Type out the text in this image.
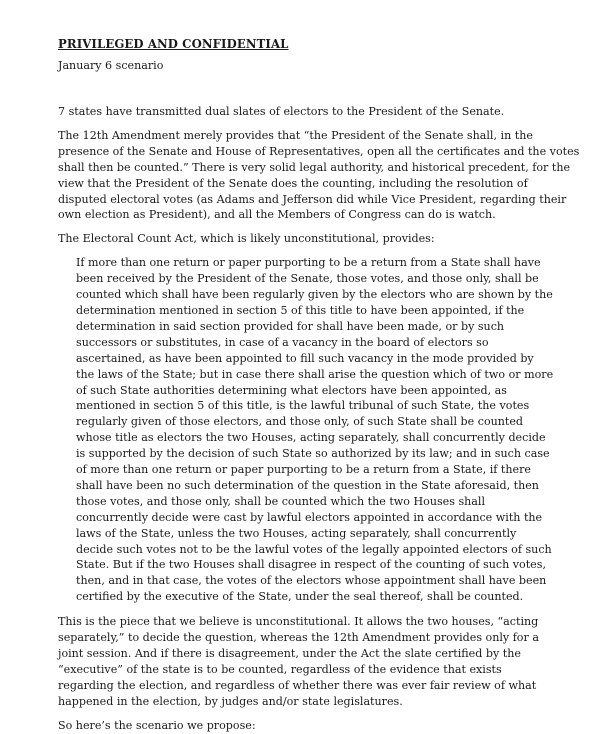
PRIVILEGED AND CONFIDENTIAL
January 6 scenario
7 states have transmitted dual slates of electors to the President of the Senate.
The 12th Amendment merely provides that “the President of the Senate shall, in the
presence of the Senate and House of Representatives, open all the certificates and the votes
shall then be counted.” There is very solid legal authority, and historical precedent, for the
view that the President of the Senate does the counting, including the resolution of
disputed electoral votes (as Adams and Jefferson did while Vice President, regarding their
own election as President), and all the Members of Congress can do is watch.
The Electoral Count Act, which is likely unconstitutional, provides:
If more than one return or paper purporting to be a return from a State shall have
been received by the President of the Senate, those votes, and those only, shall be
counted which shall have been regularly given by the electors who are shown by the
determination mentioned in section 5 of this title to have been appointed, if the
determination in said section provided for shall have been made, or by such
successors or substitutes, in case of a vacancy in the board of electors so
ascertained, as have been appointed to fill such vacancy in the mode provided by
the laws of the State; but in case there shall arise the question which of two or more
of such State authorities determining what electors have been appointed, as
mentioned in section 5 of this title, is the lawful tribunal of such State, the votes
regularly given of those electors, and those only, of such State shall be counted
whose title as electors the two Houses, acting separately, shall concurrently decide
is supported by the decision of such State so authorized by its law; and in such case
of more than one return or paper purporting to be a return from a State, if there
shall have been no such determination of the question in the State aforesaid, then
those votes, and those only, shall be counted which the two Houses shall
concurrently decide were cast by lawful electors appointed in accordance with the
laws of the State, unless the two Houses, acting separately, shall concurrently
decide such votes not to be the lawful votes of the legally appointed electors of such
State. But if the two Houses shall disagree in respect of the counting of such votes,
then, and in that case, the votes of the electors whose appointment shall have been
certified by the executive of the State, under the seal thereof, shall be counted.
This is the piece that we believe is unconstitutional. It allows the two houses, “acting
separately,” to decide the question, whereas the 12th Amendment provides only for a
joint session. And if there is disagreement, under the Act the slate certified by the
“executive” of the state is to be counted, regardless of the evidence that exists
regarding the election, and regardless of whether there was ever fair review of what
happened in the election, by judges and/or state legislatures.
So here’s the scenario we propose:
